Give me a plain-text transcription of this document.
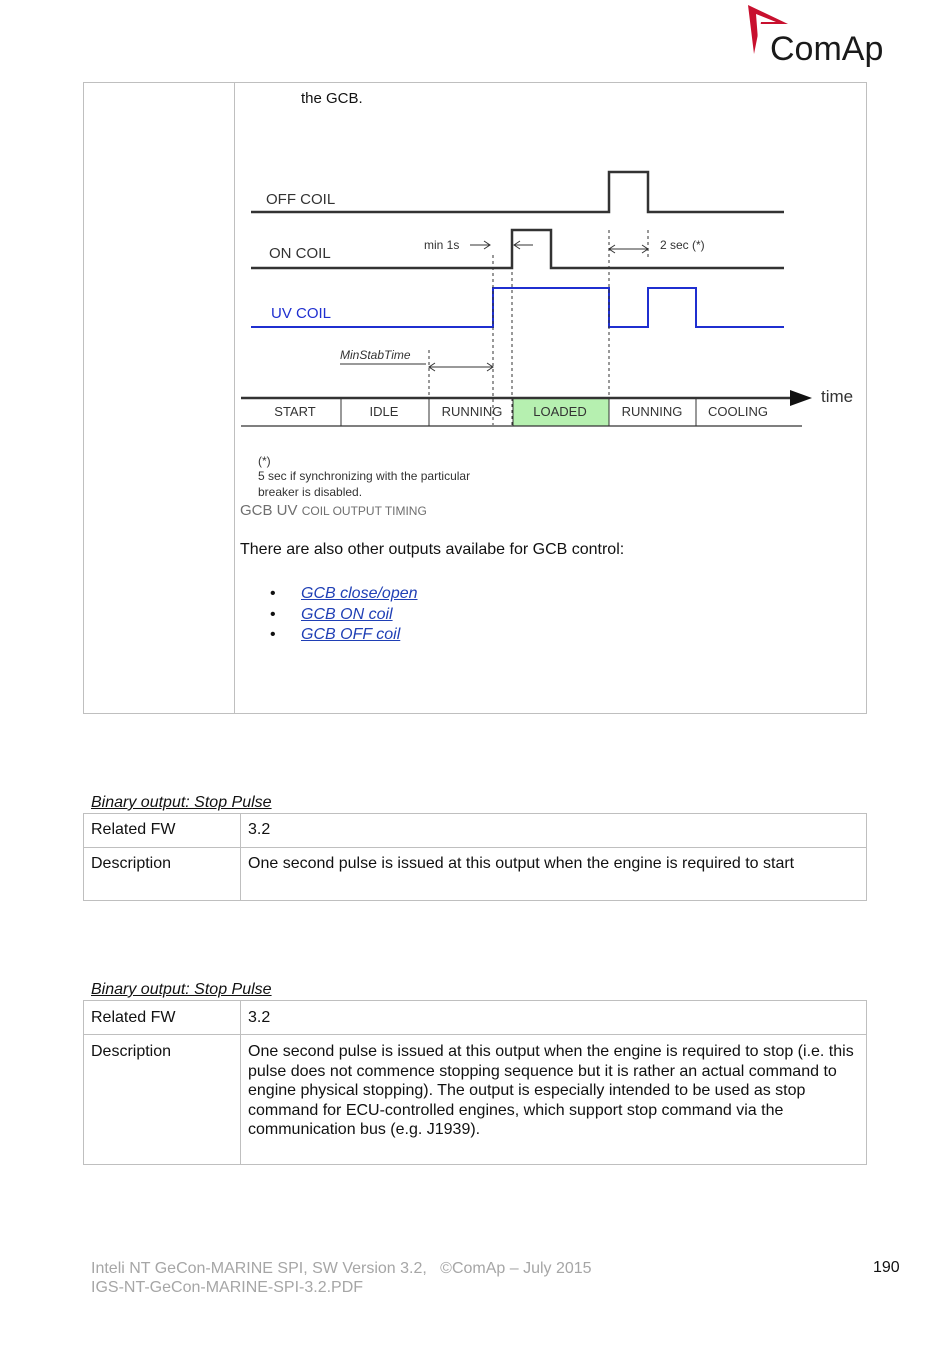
ComAp
the GCB.
OFF COIL
ON COIL
UV COIL
min 1s	2 sec (*)
MinStabTime
time
START	IDLE	RUNNING LOADED	RUNNING COOLING
(*)
5 sec if synchronizing with the particular
breaker is disabled.
GCB UV COIL OUTPUT TIMING
There are also other outputs availabe for GCB control:
• GCB close/open
• GCB ON coil
• GCB OFF coil
Binary output: Stop Pulse
Related FW	3.2
Description	One second pulse is issued at this output when the engine is required to start
Binary output: Stop Pulse
Related FW	3.2
Description	One second pulse is issued at this output when the engine is required to stop (i.e. this pulse does not commence stopping sequence but it is rather an actual command to engine physical stopping). The output is especially intended to be used as stop command for ECU-controlled engines, which support stop command via the communication bus (e.g. J1939).
Inteli NT GeCon-MARINE SPI, SW Version 3.2,   ©ComAp – July 2015
IGS-NT-GeCon-MARINE-SPI-3.2.PDF
190
